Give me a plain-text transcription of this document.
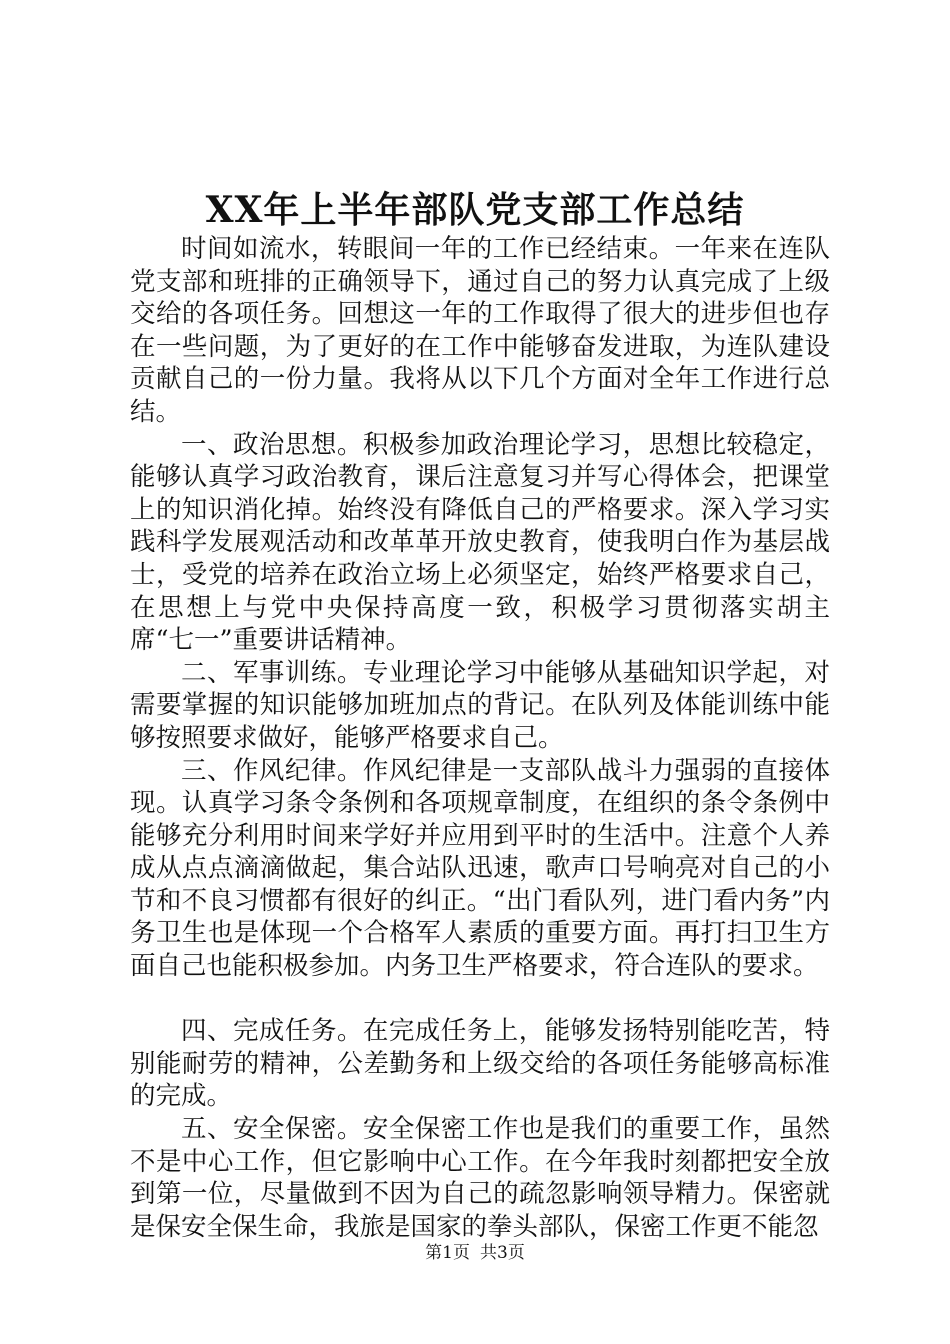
XX年上半年部队党支部工作总结

时间如流水，转眼间一年的工作已经结束。一年来在连队党支部和班排的正确领导下，通过自己的努力认真完成了上级交给的各项任务。回想这一年的工作取得了很大的进步但也存在一些问题，为了更好的在工作中能够奋发进取，为连队建设贡献自己的一份力量。我将从以下几个方面对全年工作进行总结。

一、政治思想。积极参加政治理论学习，思想比较稳定，能够认真学习政治教育，课后注意复习并写心得体会，把课堂上的知识消化掉。始终没有降低自己的严格要求。深入学习实践科学发展观活动和改革革开放史教育，使我明白作为基层战士，受党的培养在政治立场上必须坚定，始终严格要求自己，在思想上与党中央保持高度一致，积极学习贯彻落实胡主席“七一”重要讲话精神。

二、军事训练。专业理论学习中能够从基础知识学起，对需要掌握的知识能够加班加点的背记。在队列及体能训练中能够按照要求做好，能够严格要求自己。

三、作风纪律。作风纪律是一支部队战斗力强弱的直接体现。认真学习条令条例和各项规章制度，在组织的条令条例中能够充分利用时间来学好并应用到平时的生活中。注意个人养成从点点滴滴做起，集合站队迅速，歌声口号响亮对自己的小节和不良习惯都有很好的纠正。“出门看队列，进门看内务”内务卫生也是体现一个合格军人素质的重要方面。再打扫卫生方面自己也能积极参加。内务卫生严格要求，符合连队的要求。

四、完成任务。在完成任务上，能够发扬特别能吃苦，特别能耐劳的精神，公差勤务和上级交给的各项任务能够高标准的完成。

五、安全保密。安全保密工作也是我们的重要工作，虽然不是中心工作，但它影响中心工作。在今年我时刻都把安全放到第一位，尽量做到不因为自己的疏忽影响领导精力。保密就是保安全保生命，我旅是国家的拳头部队，保密工作更不能忽

第1页 共3页
